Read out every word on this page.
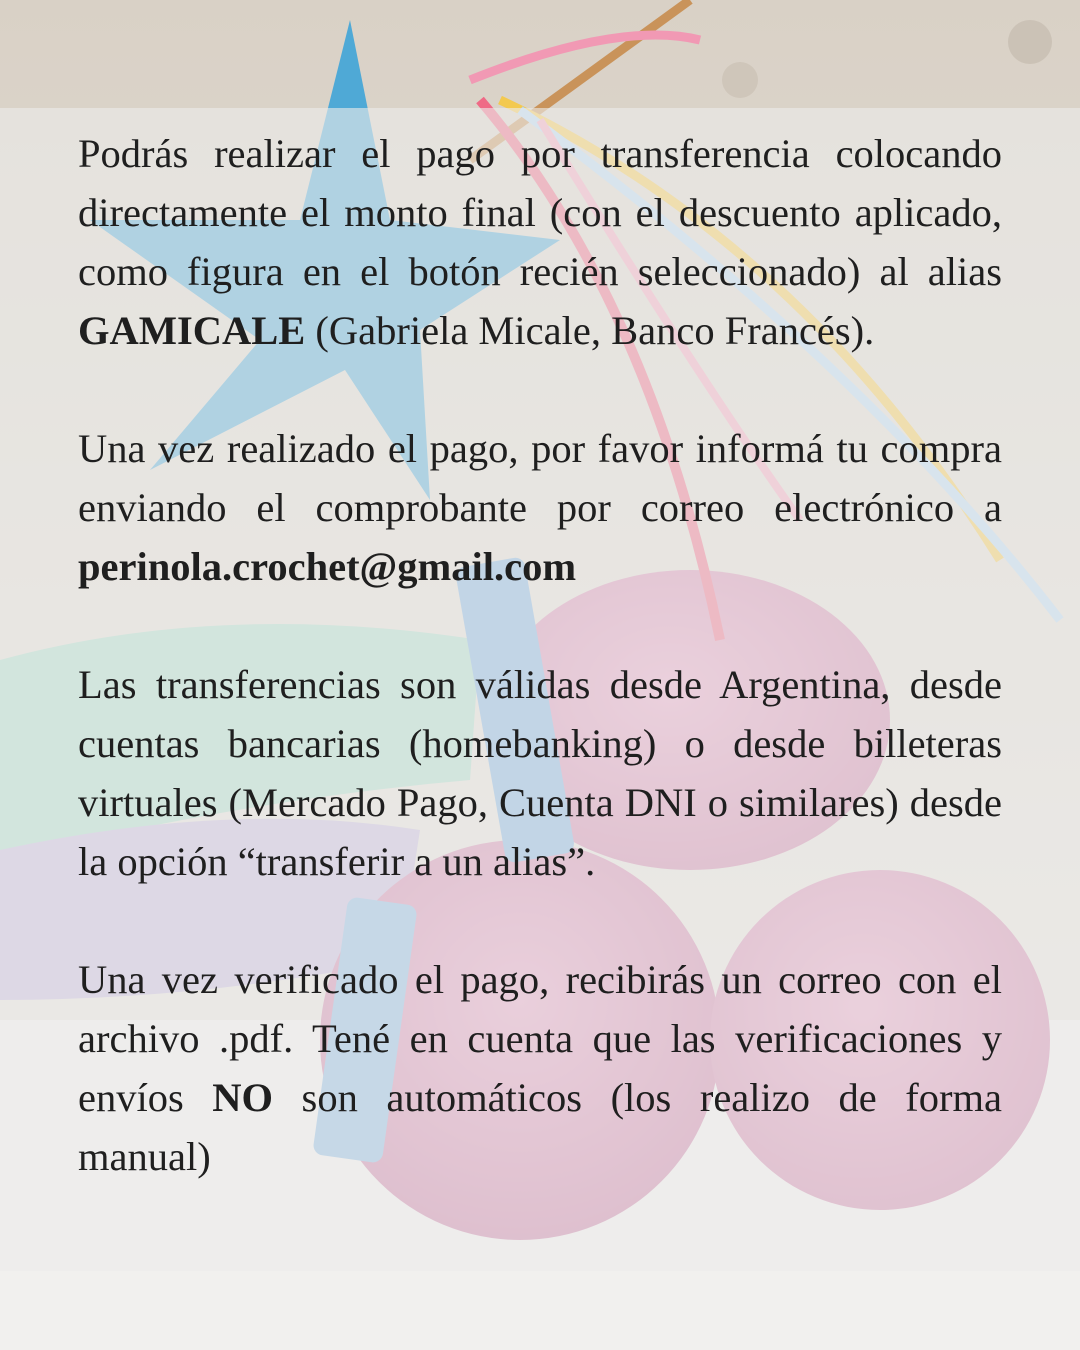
Podrás realizar el pago por transferencia colocando directamente el monto final (con el descuento aplicado, como figura en el botón recién seleccionado) al alias GAMICALE (Gabriela Micale, Banco Francés).

Una vez realizado el pago, por favor informá tu compra enviando el comprobante por correo electrónico a perinola.crochet@gmail.com

Las transferencias son válidas desde Argentina, desde cuentas bancarias (homebanking) o desde billeteras virtuales (Mercado Pago, Cuenta DNI o similares) desde la opción “transferir a un alias”.

Una vez verificado el pago, recibirás un correo con el archivo .pdf. Tené en cuenta que las verificaciones y envíos NO son automáticos (los realizo de forma manual)
